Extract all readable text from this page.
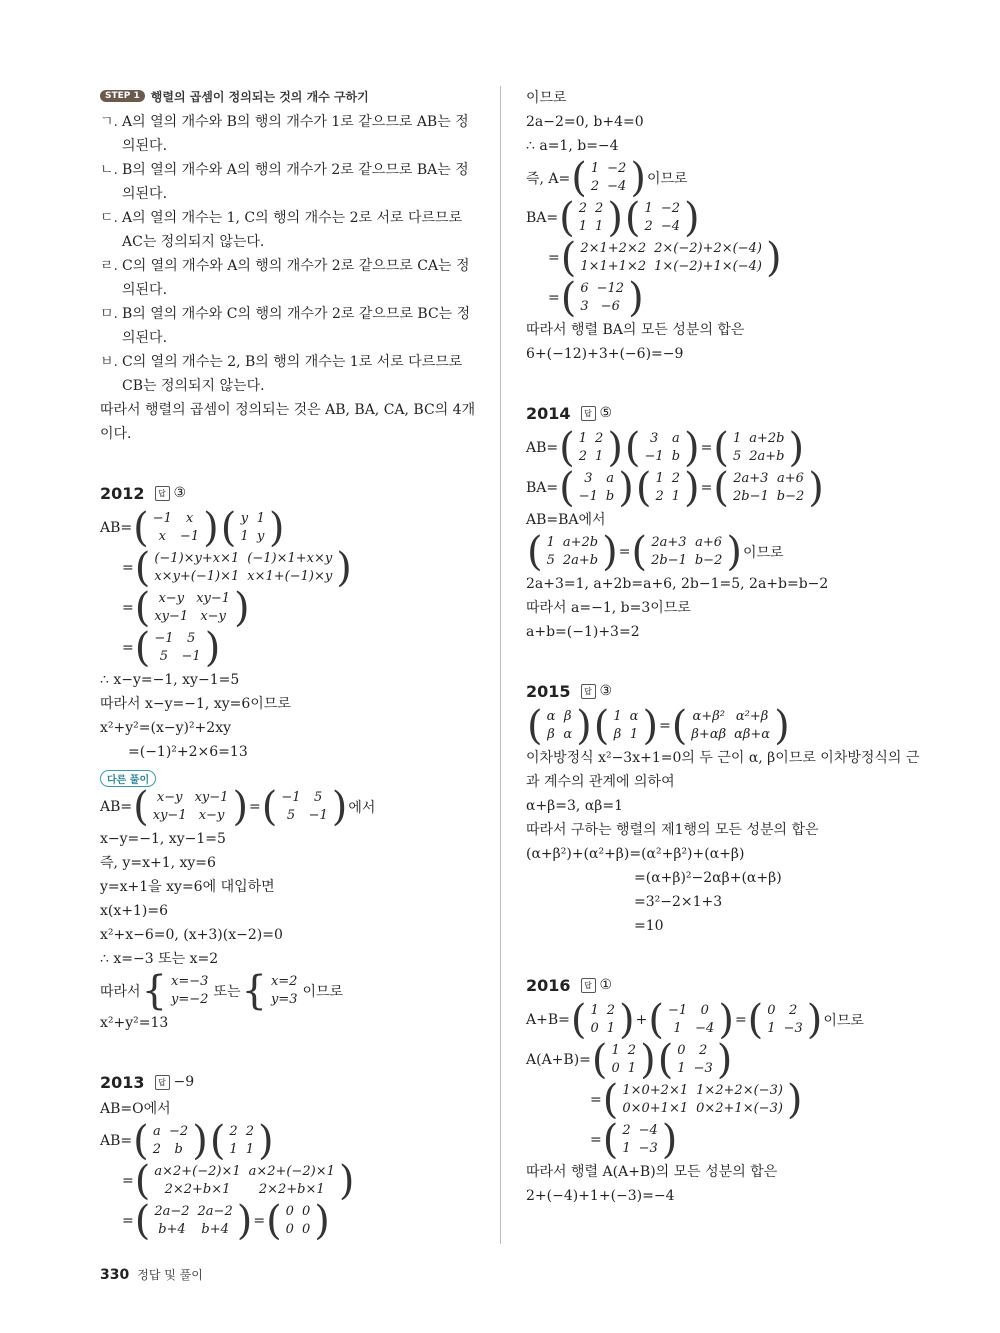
STEP 1 행렬의 곱셈이 정의되는 것의 개수 구하기
ㄱ. A의 열의 개수와 B의 행의 개수가 1로 같으므로 AB는 정의된다.
ㄴ. B의 열의 개수와 A의 행의 개수가 2로 같으므로 BA는 정의된다.
ㄷ. A의 열의 개수는 1, C의 행의 개수는 2로 서로 다르므로 AC는 정의되지 않는다.
ㄹ. C의 열의 개수와 A의 행의 개수가 2로 같으므로 CA는 정의된다.
ㅁ. B의 열의 개수와 C의 행의 개수가 2로 같으므로 BC는 정의된다.
ㅂ. C의 열의 개수는 2, B의 행의 개수는 1로 서로 다르므로 CB는 정의되지 않는다.
따라서 행렬의 곱셈이 정의되는 것은 AB, BA, CA, BC의 4개이다.
2012	답 ③
AB= ( −1	x
x	−1 ) ( y	1
1	y )
= ( (−1)×y+x×1	(−1)×1+x×y
x×y+(−1)×1	x×1+(−1)×y )
= ( x−y	xy−1
xy−1	x−y )
= ( −1	5
5	−1 )
∴ x−y=−1, xy−1=5
따라서 x−y=−1, xy=6이므로
x²+y²=(x−y)²+2xy
=(−1)²+2×6=13
다른 풀이
AB= ( x−y	xy−1
xy−1	x−y ) = ( −1	5
5	−1 ) 에서
x−y=−1, xy−1=5
즉, y=x+1, xy=6
y=x+1을 xy=6에 대입하면
x(x+1)=6
x²+x−6=0, (x+3)(x−2)=0
∴ x=−3 또는 x=2
따라서 { x=−3
y=−2 또는 { x=2
y=3 이므로
x²+y²=13
2013	답 −9
AB=O에서
AB= ( a	−2
2	b ) ( 2	2
1	1 )
= ( a×2+(−2)×1	a×2+(−2)×1
2×2+b×1	2×2+b×1 )
= ( 2a−2	2a−2
b+4	b+4 ) = ( 0	0
0	0 )
이므로
2a−2=0, b+4=0
∴ a=1, b=−4
즉, A= ( 1	−2
2	−4 ) 이므로
BA= ( 2	2
1	1 ) ( 1	−2
2	−4 )
= ( 2×1+2×2	2×(−2)+2×(−4)
1×1+1×2	1×(−2)+1×(−4) )
= ( 6	−12
3	−6 )
따라서 행렬 BA의 모든 성분의 합은
6+(−12)+3+(−6)=−9
2014	답 ⑤
AB= ( 1	2
2	1 ) ( 3	a
−1	b ) = ( 1	a+2b
5	2a+b )
BA= ( 3	a
−1	b ) ( 1	2
2	1 ) = ( 2a+3	a+6
2b−1	b−2 )
AB=BA에서
( 1	a+2b
5	2a+b ) = ( 2a+3	a+6
2b−1	b−2 ) 이므로
2a+3=1, a+2b=a+6, 2b−1=5, 2a+b=b−2
따라서 a=−1, b=3이므로
a+b=(−1)+3=2
2015	답 ③
( α	β
β	α ) ( 1	α
β	1 ) = ( α+β²	α²+β
β+αβ	αβ+α )
이차방정식 x²−3x+1=0의 두 근이 α, β이므로 이차방정식의 근과 계수의 관계에 의하여
α+β=3, αβ=1
따라서 구하는 행렬의 제1행의 모든 성분의 합은
(α+β²)+(α²+β)=(α²+β²)+(α+β)
=(α+β)²−2αβ+(α+β)
=3²−2×1+3
=10
2016	답 ①
A+B= ( 1	2
0	1 ) + ( −1	0
1	−4 ) = ( 0	2
1	−3 ) 이므로
A(A+B)= ( 1	2
0	1 ) ( 0	2
1	−3 )
= ( 1×0+2×1	1×2+2×(−3)
0×0+1×1	0×2+1×(−3) )
= ( 2	−4
1	−3 )
따라서 행렬 A(A+B)의 모든 성분의 합은
2+(−4)+1+(−3)=−4
330 정답 및 풀이
